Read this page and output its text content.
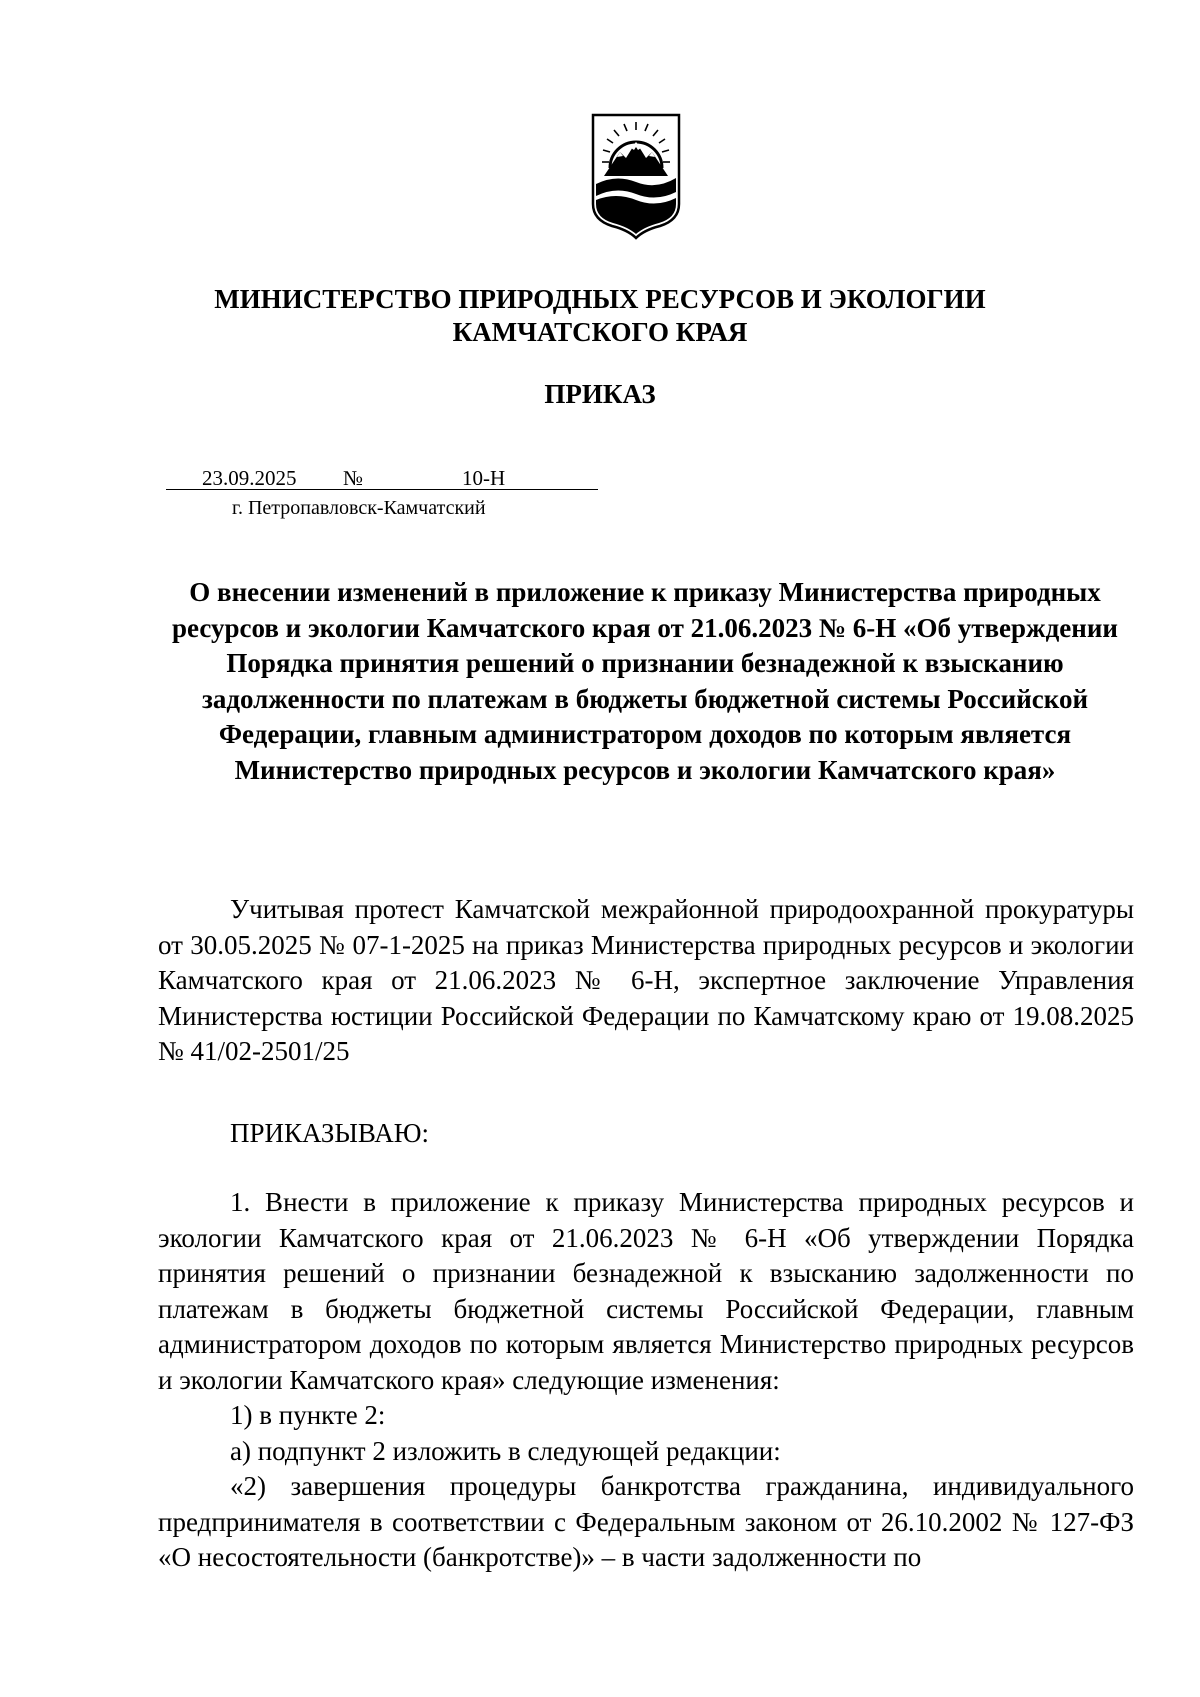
МИНИСТЕРСТВО ПРИРОДНЫХ РЕСУРСОВ И ЭКОЛОГИИ
КАМЧАТСКОГО КРАЯ
ПРИКАЗ
23.09.2025 №	10-Н
г. Петропавловск-Камчатский
О внесении изменений в приложение к приказу Министерства природных ресурсов и экологии Камчатского края от 21.06.2023 № 6-Н «Об утверждении Порядка принятия решений о признании безнадежной к взысканию задолженности по платежам в бюджеты бюджетной системы Российской Федерации, главным администратором доходов по которым является Министерство природных ресурсов и экологии Камчатского края»

Учитывая протест Камчатской межрайонной природоохранной прокуратуры от 30.05.2025 № 07-1-2025 на приказ Министерства природных ресурсов и экологии Камчатского края от 21.06.2023 № 6-Н, экспертное заключение Управления Министерства юстиции Российской Федерации по Камчатскому краю от 19.08.2025 № 41/02-2501/25

ПРИКАЗЫВАЮ:

1. Внести в приложение к приказу Министерства природных ресурсов и экологии Камчатского края от 21.06.2023 № 6-Н «Об утверждении Порядка принятия решений о признании безнадежной к взысканию задолженности по платежам в бюджеты бюджетной системы Российской Федерации, главным администратором доходов по которым является Министерство природных ресурсов и экологии Камчатского края» следующие изменения:

1) в пункте 2:

а) подпункт 2 изложить в следующей редакции:

«2) завершения процедуры банкротства гражданина, индивидуального предпринимателя в соответствии с Федеральным законом от 26.10.2002 № 127-ФЗ «О несостоятельности (банкротстве)» – в части задолженности по
